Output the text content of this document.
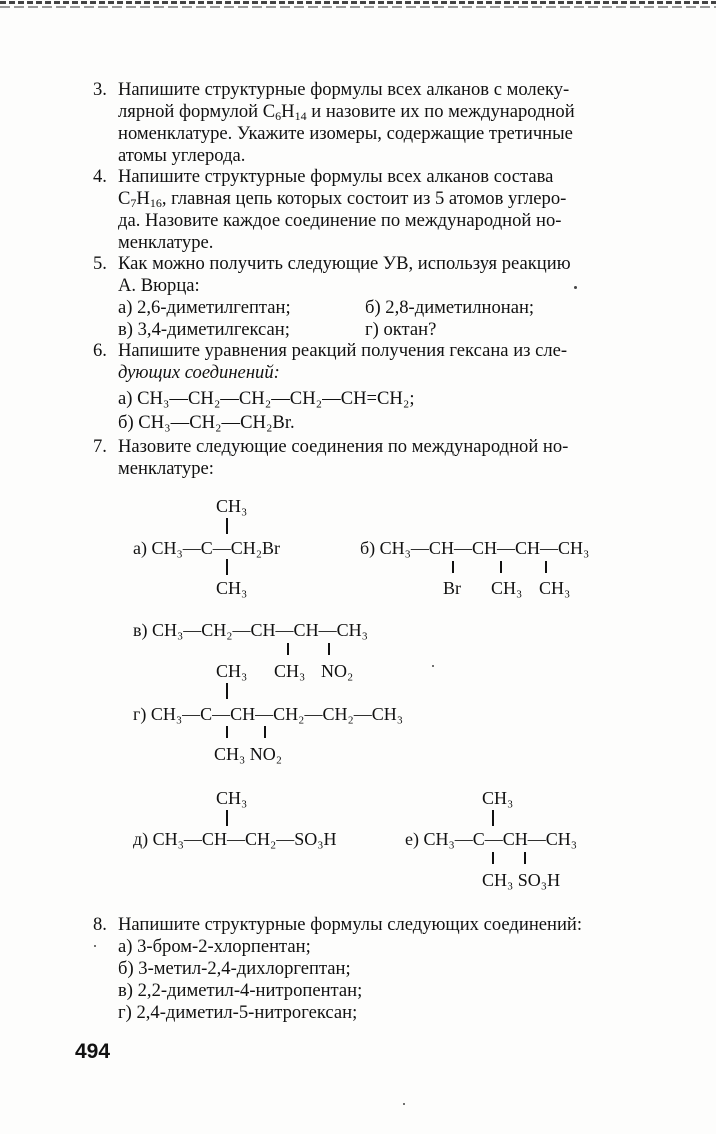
3. Напишите структурные формулы всех алканов с молеку-
лярной формулой $C_6H_{14}$ и назовите их по международной
номенклатуре. Укажите изомеры, содержащие третичные
атомы углерода.
4. Напишите структурные формулы всех алканов состава
$C_7H_{16}$, главная цепь которых состоит из 5 атомов углеро-
да. Назовите каждое соединение по международной но-
менклатуре.
5. Как можно получить следующие УВ, используя реакцию
А. Вюрца:
а) 2,6-диметилгептан;	б) 2,8-диметилнонан;
в) 3,4-диметилгексан;	г) октан?
6. Напишите уравнения реакций получения гексана из сле-
дующих соединений:
а) CH₃—CH₂—CH₂—CH₂—CH=CH₂;
б) CH₃—CH₂—CH₂Br.
7. Назовите следующие соединения по международной но-
менклатуре:
CH₃
а) CH₃—C—CH₂Br
CH₃
б) CH₃—CH—CH—CH—CH₃
Br CH₃ CH₃
в) CH₃—CH₂—CH—CH—CH₃
CH₃ NO₂
CH₃
г) CH₃—C—CH—CH₂—CH₂—CH₃
CH₃ NO₂
CH₃
д) CH₃—CH—CH₂—SO₃H
CH₃
е) CH₃—C—CH—CH₃
CH₃ SO₃H
8. Напишите структурные формулы следующих соединений:
а) 3-бром-2-хлорпентан;
б) 3-метил-2,4-дихлоргептан;
в) 2,2-диметил-4-нитропентан;
г) 2,4-диметил-5-нитрогексан;
494
